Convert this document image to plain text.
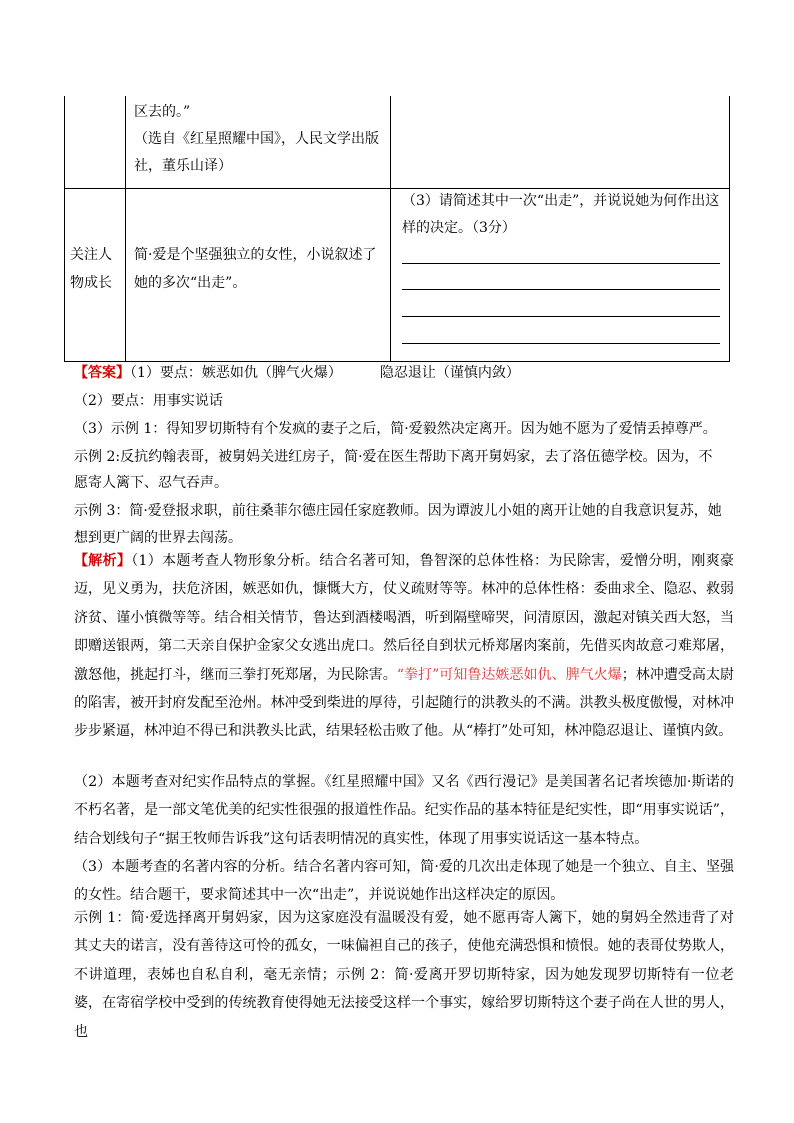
区去的。”
（选自《红星照耀中国》，人民文学出版
社，董乐山译）
关注人
物成长
简·爱是个坚强独立的女性，小说叙述了
她的多次“出走”。
（3）请简述其中一次“出走”，并说说她为何作出这
样的决定。（3分）
【答案】（1）要点：嫉恶如仇（脾气火爆）	隐忍退让（谨慎内敛）
（2）要点：用事实说话
（3）示例 1：得知罗切斯特有个发疯的妻子之后，简·爱毅然决定离开。因为她不愿为了爱情丢掉尊严。
示例 2:反抗约翰表哥，被舅妈关进红房子，简·爱在医生帮助下离开舅妈家，去了洛伍德学校。因为，不
愿寄人篱下、忍气吞声。
示例 3：简·爱登报求职，前往桑菲尔德庄园任家庭教师。因为谭波儿小姐的离开让她的自我意识复苏，她
想到更广阔的世界去闯荡。
【解析】（1）本题考查人物形象分析。结合名著可知，鲁智深的总体性格：为民除害，爱憎分明，刚爽豪迈，见义勇为，扶危济困，嫉恶如仇，慷慨大方，仗义疏财等等。林冲的总体性格：委曲求全、隐忍、救弱济贫、谨小慎微等等。结合相关情节，鲁达到酒楼喝酒，听到隔壁啼哭，问清原因，激起对镇关西大怒，当即赠送银两，第二天亲自保护金家父女逃出虎口。然后径自到状元桥郑屠肉案前，先借买肉故意刁难郑屠，激怒他，挑起打斗，继而三拳打死郑屠，为民除害。“拳打”可知鲁达嫉恶如仇、脾气火爆；林冲遭受高太尉的陷害，被开封府发配至沧州。林冲受到柴进的厚待，引起随行的洪教头的不满。洪教头极度傲慢，对林冲步步紧逼，林冲迫不得已和洪教头比武，结果轻松击败了他。从“棒打”处可知，林冲隐忍退让、谨慎内敛。
（2）本题考查对纪实作品特点的掌握。《红星照耀中国》又名《西行漫记》是美国著名记者埃德加·斯诺的不朽名著，是一部文笔优美的纪实性很强的报道性作品。纪实作品的基本特征是纪实性，即“用事实说话”，结合划线句子“据王牧师告诉我”这句话表明情况的真实性，体现了用事实说话这一基本特点。
（3）本题考查的名著内容的分析。结合名著内容可知，简·爱的几次出走体现了她是一个独立、自主、坚强的女性。结合题干，要求简述其中一次“出走”，并说说她作出这样决定的原因。
示例 1：简·爱选择离开舅妈家，因为这家庭没有温暖没有爱，她不愿再寄人篱下，她的舅妈全然违背了对其丈夫的诺言，没有善待这可怜的孤女，一味偏袒自己的孩子，使他充满恐惧和愤恨。她的表哥仗势欺人，不讲道理，表姊也自私自利，毫无亲情；示例 2：简·爱离开罗切斯特家，因为她发现罗切斯特有一位老婆，在寄宿学校中受到的传统教育使得她无法接受这样一个事实，嫁给罗切斯特这个妻子尚在人世的男人，也
